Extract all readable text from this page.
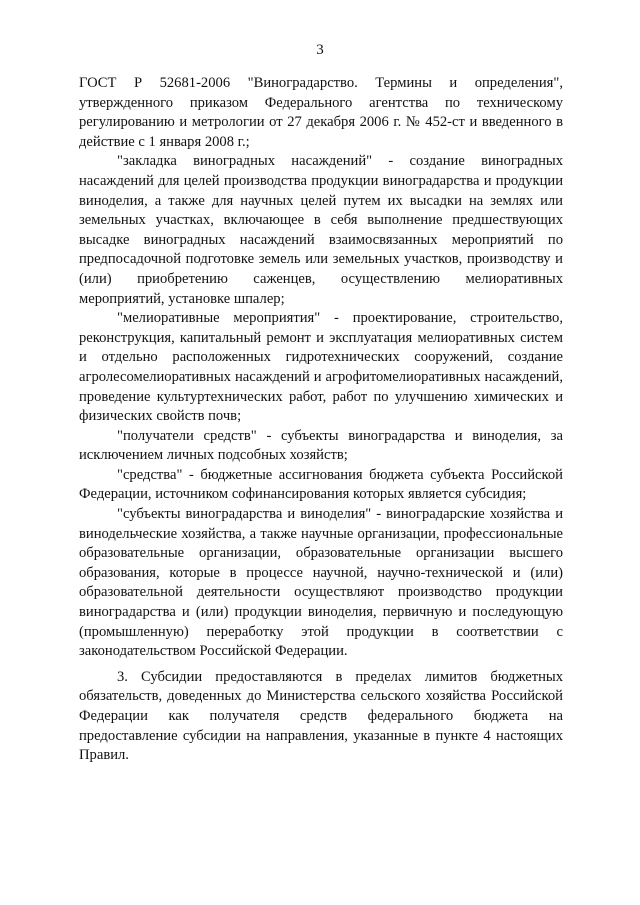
3

ГОСТ Р 52681-2006 "Виноградарство. Термины и определения", утвержденного приказом Федерального агентства по техническому регулированию и метрологии от 27 декабря 2006 г. № 452-ст и введенного в действие с 1 января 2008 г.;

"закладка виноградных насаждений" - создание виноградных насаждений для целей производства продукции виноградарства и продукции виноделия, а также для научных целей путем их высадки на землях или земельных участках, включающее в себя выполнение предшествующих высадке виноградных насаждений взаимосвязанных мероприятий по предпосадочной подготовке земель или земельных участков, производству и (или) приобретению саженцев, осуществлению мелиоративных мероприятий, установке шпалер;

"мелиоративные мероприятия" - проектирование, строительство, реконструкция, капитальный ремонт и эксплуатация мелиоративных систем и отдельно расположенных гидротехнических сооружений, создание агролесомелиоративных насаждений и агрофитомелиоративных насаждений, проведение культуртехнических работ, работ по улучшению химических и физических свойств почв;

"получатели средств" - субъекты виноградарства и виноделия, за исключением личных подсобных хозяйств;

"средства" - бюджетные ассигнования бюджета субъекта Российской Федерации, источником софинансирования которых является субсидия;

"субъекты виноградарства и виноделия" - виноградарские хозяйства и винодельческие хозяйства, а также научные организации, профессиональные образовательные организации, образовательные организации высшего образования, которые в процессе научной, научно-технической и (или) образовательной деятельности осуществляют производство продукции виноградарства и (или) продукции виноделия, первичную и последующую (промышленную) переработку этой продукции в соответствии с законодательством Российской Федерации.

3. Субсидии предоставляются в пределах лимитов бюджетных обязательств, доведенных до Министерства сельского хозяйства Российской Федерации как получателя средств федерального бюджета на предоставление субсидии на направления, указанные в пункте 4 настоящих Правил.
